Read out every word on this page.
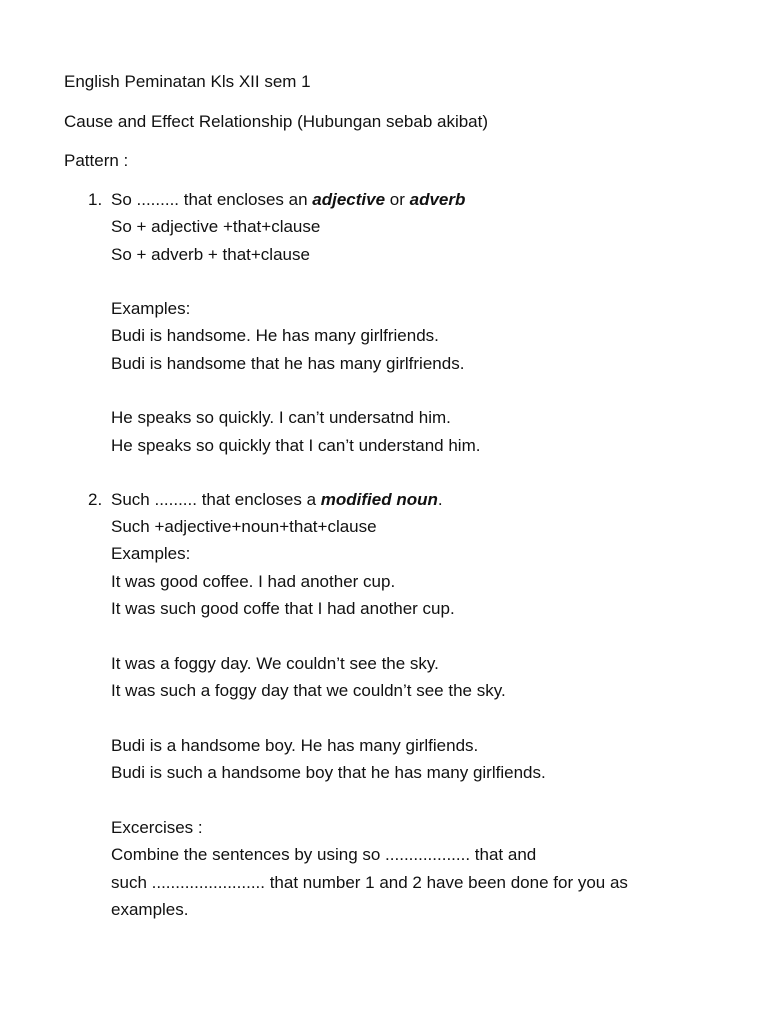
English Peminatan Kls XII sem 1
Cause and Effect Relationship (Hubungan sebab akibat)
Pattern :
1. So ......... that encloses an adjective or adverb
So + adjective +that+clause
So + adverb + that+clause
Examples:
Budi is handsome. He has many girlfriends.
Budi is handsome that he has many girlfriends.
He speaks so quickly. I can’t undersatnd him.
He speaks so quickly that I can’t understand him.
2. Such ......... that encloses a modified noun.
Such +adjective+noun+that+clause
Examples:
It was good coffee. I had another cup.
It was such good coffe that I had another cup.
It was a foggy day. We couldn’t see the sky.
It was such a foggy day that we couldn’t see the sky.
Budi is a handsome boy. He has many girlfiends.
Budi is such a handsome boy that he has many girlfiends.
Excercises :
Combine the sentences by using so .................. that and
such ........................ that number 1 and 2 have been done for you as
examples.
